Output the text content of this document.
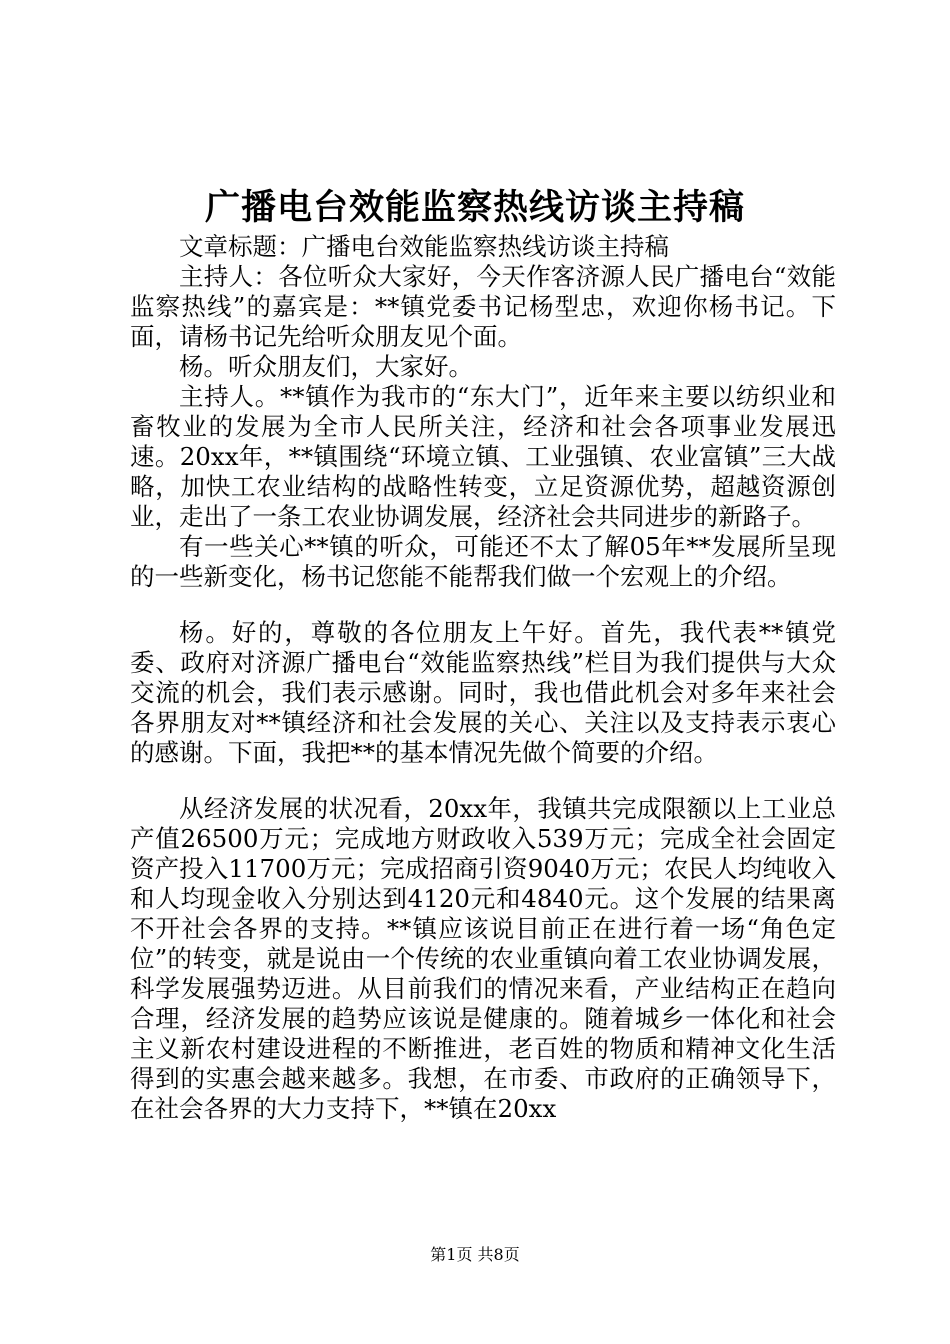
广播电台效能监察热线访谈主持稿

文章标题：广播电台效能监察热线访谈主持稿

主持人：各位听众大家好，今天作客济源人民广播电台“效能监察热线”的嘉宾是：**镇党委书记杨型忠，欢迎你杨书记。下面，请杨书记先给听众朋友见个面。

杨。听众朋友们，大家好。

主持人。**镇作为我市的“东大门”，近年来主要以纺织业和畜牧业的发展为全市人民所关注，经济和社会各项事业发展迅速。20xx年，**镇围绕“环境立镇、工业强镇、农业富镇”三大战略，加快工农业结构的战略性转变，立足资源优势，超越资源创业，走出了一条工农业协调发展，经济社会共同进步的新路子。

有一些关心**镇的听众，可能还不太了解05年**发展所呈现的一些新变化，杨书记您能不能帮我们做一个宏观上的介绍。

杨。好的，尊敬的各位朋友上午好。首先，我代表**镇党委、政府对济源广播电台“效能监察热线”栏目为我们提供与大众交流的机会，我们表示感谢。同时，我也借此机会对多年来社会各界朋友对**镇经济和社会发展的关心、关注以及支持表示衷心的感谢。下面，我把**的基本情况先做个简要的介绍。

从经济发展的状况看，20xx年，我镇共完成限额以上工业总产值26500万元；完成地方财政收入539万元；完成全社会固定资产投入11700万元；完成招商引资9040万元；农民人均纯收入和人均现金收入分别达到4120元和4840元。这个发展的结果离不开社会各界的支持。**镇应该说目前正在进行着一场“角色定位”的转变，就是说由一个传统的农业重镇向着工农业协调发展，科学发展强势迈进。从目前我们的情况来看，产业结构正在趋向合理，经济发展的趋势应该说是健康的。随着城乡一体化和社会主义新农村建设进程的不断推进，老百姓的物质和精神文化生活得到的实惠会越来越多。我想，在市委、市政府的正确领导下，在社会各界的大力支持下，**镇在20xx

第1页 共8页
